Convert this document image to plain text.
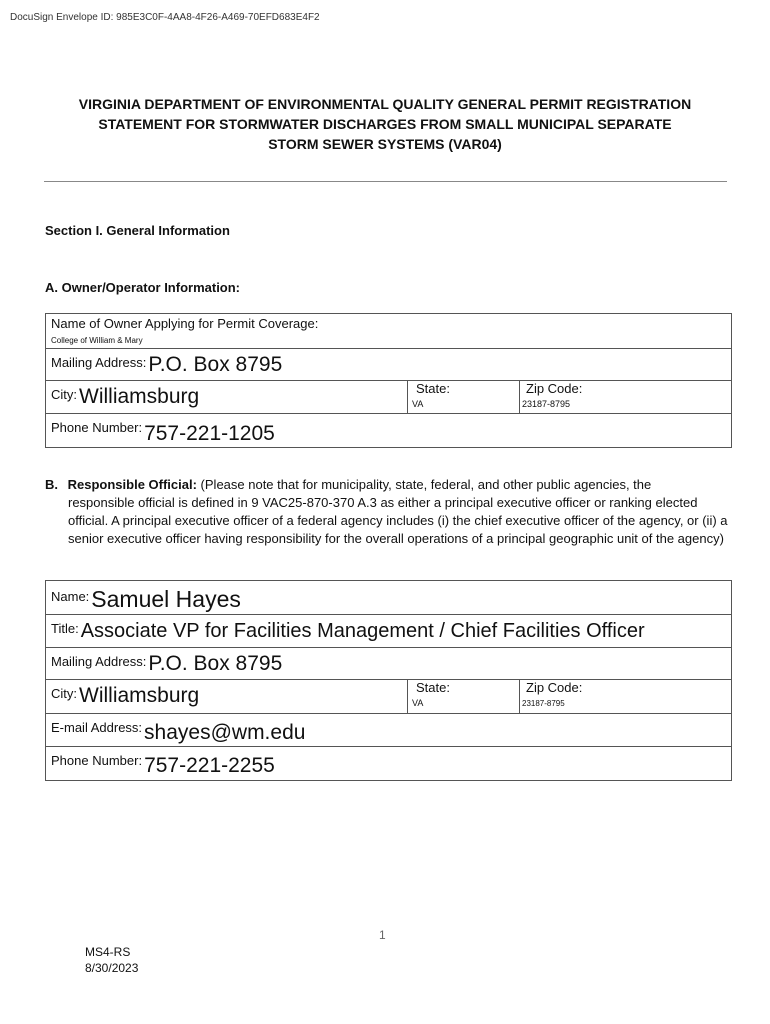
DocuSign Envelope ID: 985E3C0F-4AA8-4F26-A469-70EFD683E4F2
VIRGINIA DEPARTMENT OF ENVIRONMENTAL QUALITY GENERAL PERMIT REGISTRATION
STATEMENT FOR STORMWATER DISCHARGES FROM SMALL MUNICIPAL SEPARATE
STORM SEWER SYSTEMS (VAR04)
Section I. General Information
A. Owner/Operator Information:
Name of Owner Applying for Permit Coverage:
College of William & Mary

Mailing Address:P.O. Box 8795
City:Williamsburg	State:
VA
	Zip Code:
23187-8795

Phone Number:757-221-1205
B. Responsible Official: (Please note that for municipality, state, federal, and other public agencies, the
responsible official is defined in 9 VAC25-870-370 A.3 as either a principal executive officer or ranking elected official. A principal executive officer of a federal agency includes (i) the chief executive officer of the agency, or (ii) a senior executive officer having responsibility for the overall operations of a principal geographic unit of the agency)
Name:Samuel Hayes
Title: Associate VP for Facilities Management / Chief Facilities Officer
Mailing Address:P.O. Box 8795
City:Williamsburg	State:
VA
	Zip Code:
23187-8795

E-mail Address:shayes@wm.edu
Phone Number:757-221-2255
1
MS4-RS
8/30/2023
